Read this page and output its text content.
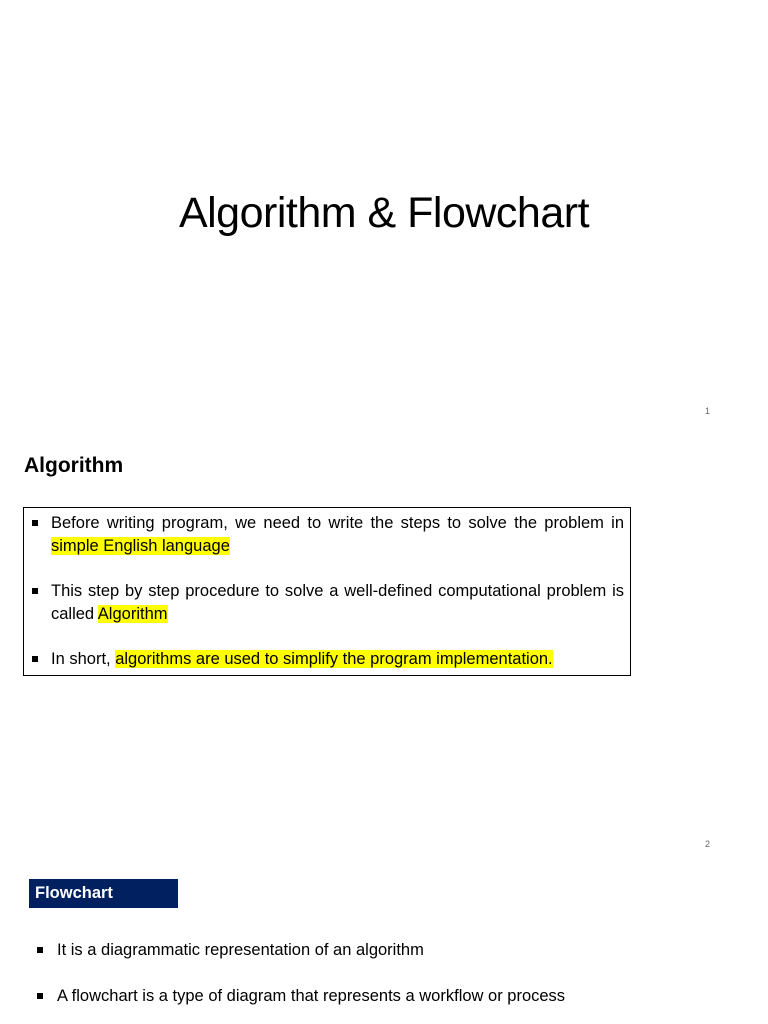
Algorithm & Flowchart
1
Algorithm
Before writing program, we need to write the steps to solve the problem in simple English language
This step by step procedure to solve a well-defined computational problem is called Algorithm
In short, algorithms are used to simplify the program implementation.
2
Flowchart
It is a diagrammatic representation of an algorithm
A flowchart is a type of diagram that represents a workflow or process
